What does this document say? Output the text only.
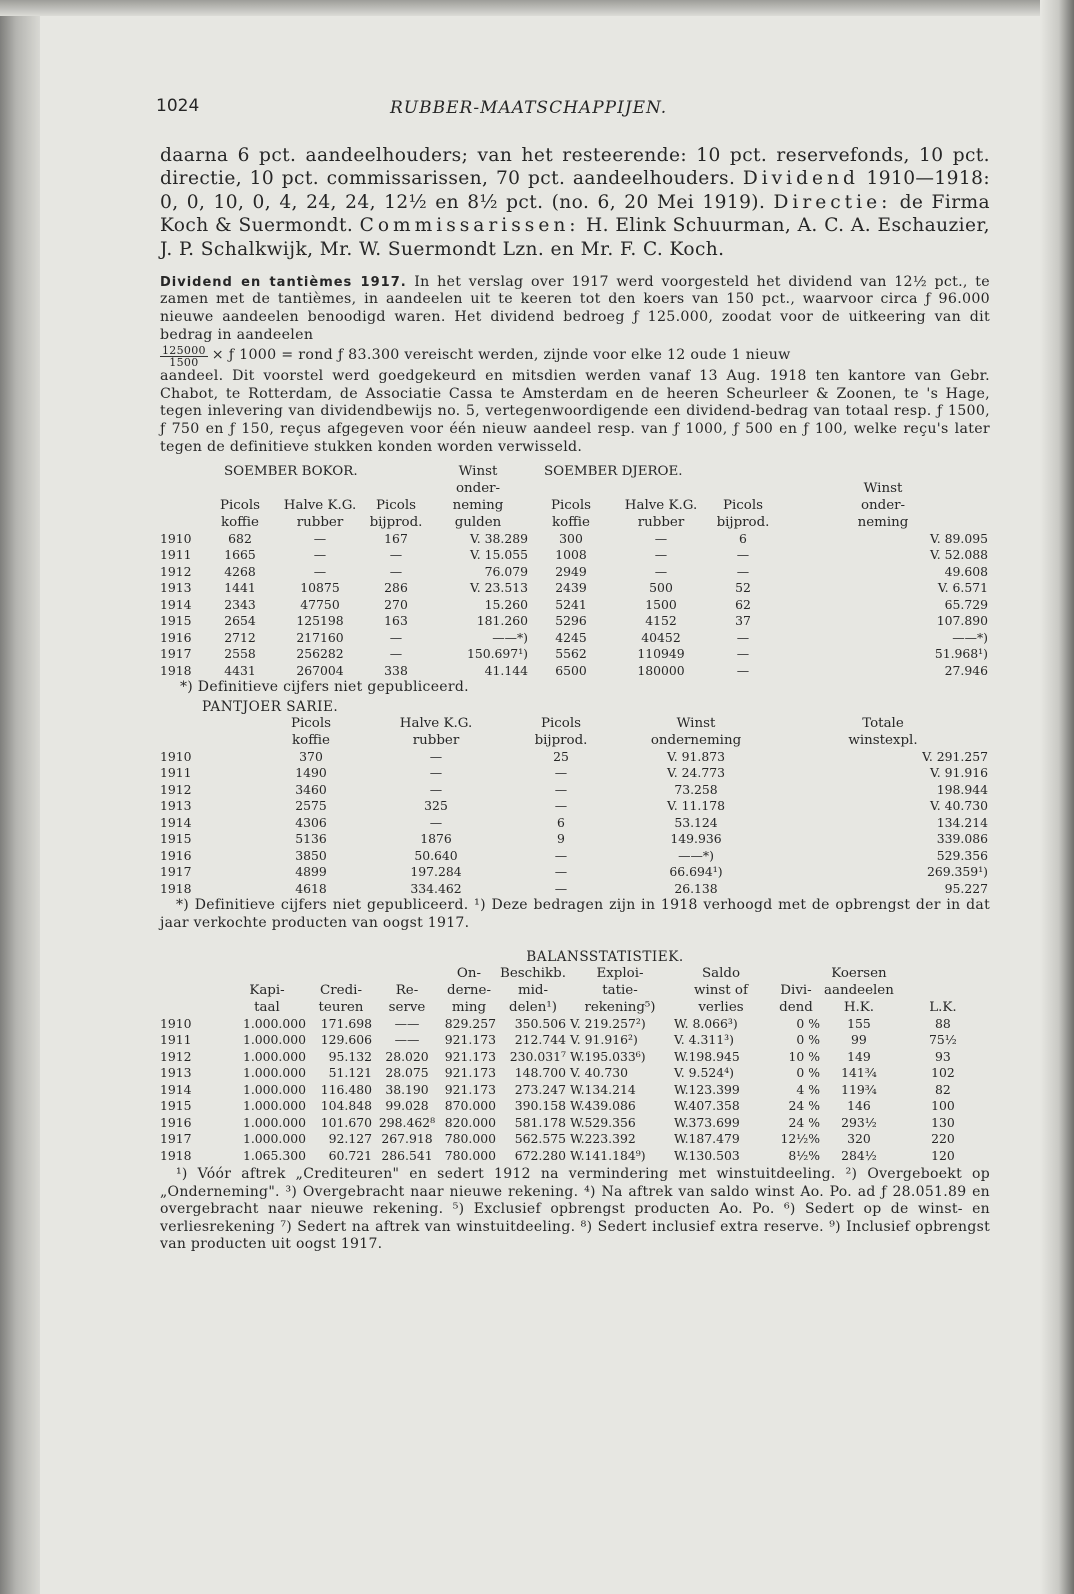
1024	RUBBER-MAATSCHAPPIJEN.

daarna 6 pct. aandeelhouders; van het resteerende: 10 pct. reservefonds, 10 pct. directie, 10 pct. commissarissen, 70 pct. aandeelhouders. Dividend 1910—1918: 0, 0, 10, 0, 4, 24, 24, 12½ en 8½ pct. (no. 6, 20 Mei 1919). Directie: de Firma Koch & Suermondt. Commissarissen: H. Elink Schuurman, A. C. A. Eschauzier, J. P. Schalkwijk, Mr. W. Suermondt Lzn. en Mr. F. C. Koch.

Dividend en tantièmes 1917. In het verslag over 1917 werd voorgesteld het dividend van 12½ pct., te zamen met de tantièmes, in aandeelen uit te keeren tot den koers van 150 pct., waarvoor circa ƒ 96.000 nieuwe aandeelen benoodigd waren. Het dividend bedroeg ƒ 125.000, zoodat voor de uitkeering van dit bedrag in aandeelen
$\frac{125000}{1500}$ × ƒ 1000 = rond ƒ 83.300 vereischt werden, zijnde voor elke 12 oude 1 nieuw
aandeel. Dit voorstel werd goedgekeurd en mitsdien werden vanaf 13 Aug. 1918 ten kantore van Gebr. Chabot, te Rotterdam, de Associatie Cassa te Amsterdam en de heeren Scheurleer & Zoonen, te 's Hage, tegen inlevering van dividendbewijs no. 5, vertegenwoordigende een dividend-bedrag van totaal resp. ƒ 1500, ƒ 750 en ƒ 150, reçus afgegeven voor één nieuw aandeel resp. van ƒ 1000, ƒ 500 en ƒ 100, welke reçu's later tegen de definitieve stukken konden worden verwisseld.
	SOEMBER BOKOR.			Winst	SOEMBER DJEROE.			
				onder-				Winst
	Picols	Halve K.G.	Picols	neming	Picols	Halve K.G.	Picols	onder-
	koffie	rubber	bijprod.	gulden	koffie	rubber	bijprod.	neming
1910	682	—	167	V. 38.289	300	—	6	V. 89.095
1911	1665	—	—	V. 15.055	1008	—	—	V. 52.088
1912	4268	—	—	76.079	2949	—	—	49.608
1913	1441	10875	286	V. 23.513	2439	500	52	V. 6.571
1914	2343	47750	270	15.260	5241	1500	62	65.729
1915	2654	125198	163	181.260	5296	4152	37	107.890
1916	2712	217160	—	——*)	4245	40452	—	——*)
1917	2558	256282	—	150.697¹)	5562	110949	—	51.968¹)
1918	4431	267004	338	41.144	6500	180000	—	27.946
*) Definitieve cijfers niet gepubliceerd.
PANTJOER SARIE.
	Picols	Halve K.G.	Picols	Winst	Totale
	koffie	rubber	bijprod.	onderneming	winstexpl.
1910	370	—	25	V. 91.873	V. 291.257
1911	1490	—	—	V. 24.773	V. 91.916
1912	3460	—	—	73.258	198.944
1913	2575	325	—	V. 11.178	V. 40.730
1914	4306	—	6	53.124	134.214
1915	5136	1876	9	149.936	339.086
1916	3850	50.640	—	——*)	529.356
1917	4899	197.284	—	66.694¹)	269.359¹)
1918	4618	334.462	—	26.138	95.227
*) Definitieve cijfers niet gepubliceerd. ¹) Deze bedragen zijn in 1918 verhoogd met de opbrengst der in dat jaar verkochte producten van oogst 1917.
BALANSSTATISTIEK.
				On-	Beschikb.	Exploi-	Saldo		Koersen	
	Kapi-	Credi-	Re-	derne-	mid-	tatie-	winst of	Divi-	aandeelen	
	taal	teuren	serve	ming	delen¹)	rekening⁵)	verlies	dend	H.K.	L.K.
1910	1.000.000	171.698	——	829.257	350.506	V. 219.257²)	W. 8.066³)	0 %	155	88
1911	1.000.000	129.606	——	921.173	212.744	V. 91.916²)	V. 4.311³)	0 %	99	75½
1912	1.000.000	95.132	28.020	921.173	230.031⁷	W.195.033⁶)	W.198.945	10 %	149	93
1913	1.000.000	51.121	28.075	921.173	148.700	V. 40.730	V. 9.524⁴)	0 %	141¾	102
1914	1.000.000	116.480	38.190	921.173	273.247	W.134.214	W.123.399	4 %	119¾	82
1915	1.000.000	104.848	99.028	870.000	390.158	W.439.086	W.407.358	24 %	146	100
1916	1.000.000	101.670	298.462⁸	820.000	581.178	W.529.356	W.373.699	24 %	293½	130
1917	1.000.000	92.127	267.918	780.000	562.575	W.223.392	W.187.479	12½%	320	220
1918	1.065.300	60.721	286.541	780.000	672.280	W.141.184⁹)	W.130.503	8½%	284½	120
¹) Vóór aftrek „Crediteuren" en sedert 1912 na vermindering met winstuitdeeling. ²) Overgeboekt op „Onderneming". ³) Overgebracht naar nieuwe rekening. ⁴) Na aftrek van saldo winst Ao. Po. ad ƒ 28.051.89 en overgebracht naar nieuwe rekening. ⁵) Exclusief opbrengst producten Ao. Po. ⁶) Sedert op de winst- en verliesrekening ⁷) Sedert na aftrek van winstuitdeeling. ⁸) Sedert inclusief extra reserve. ⁹) Inclusief opbrengst van producten uit oogst 1917.
